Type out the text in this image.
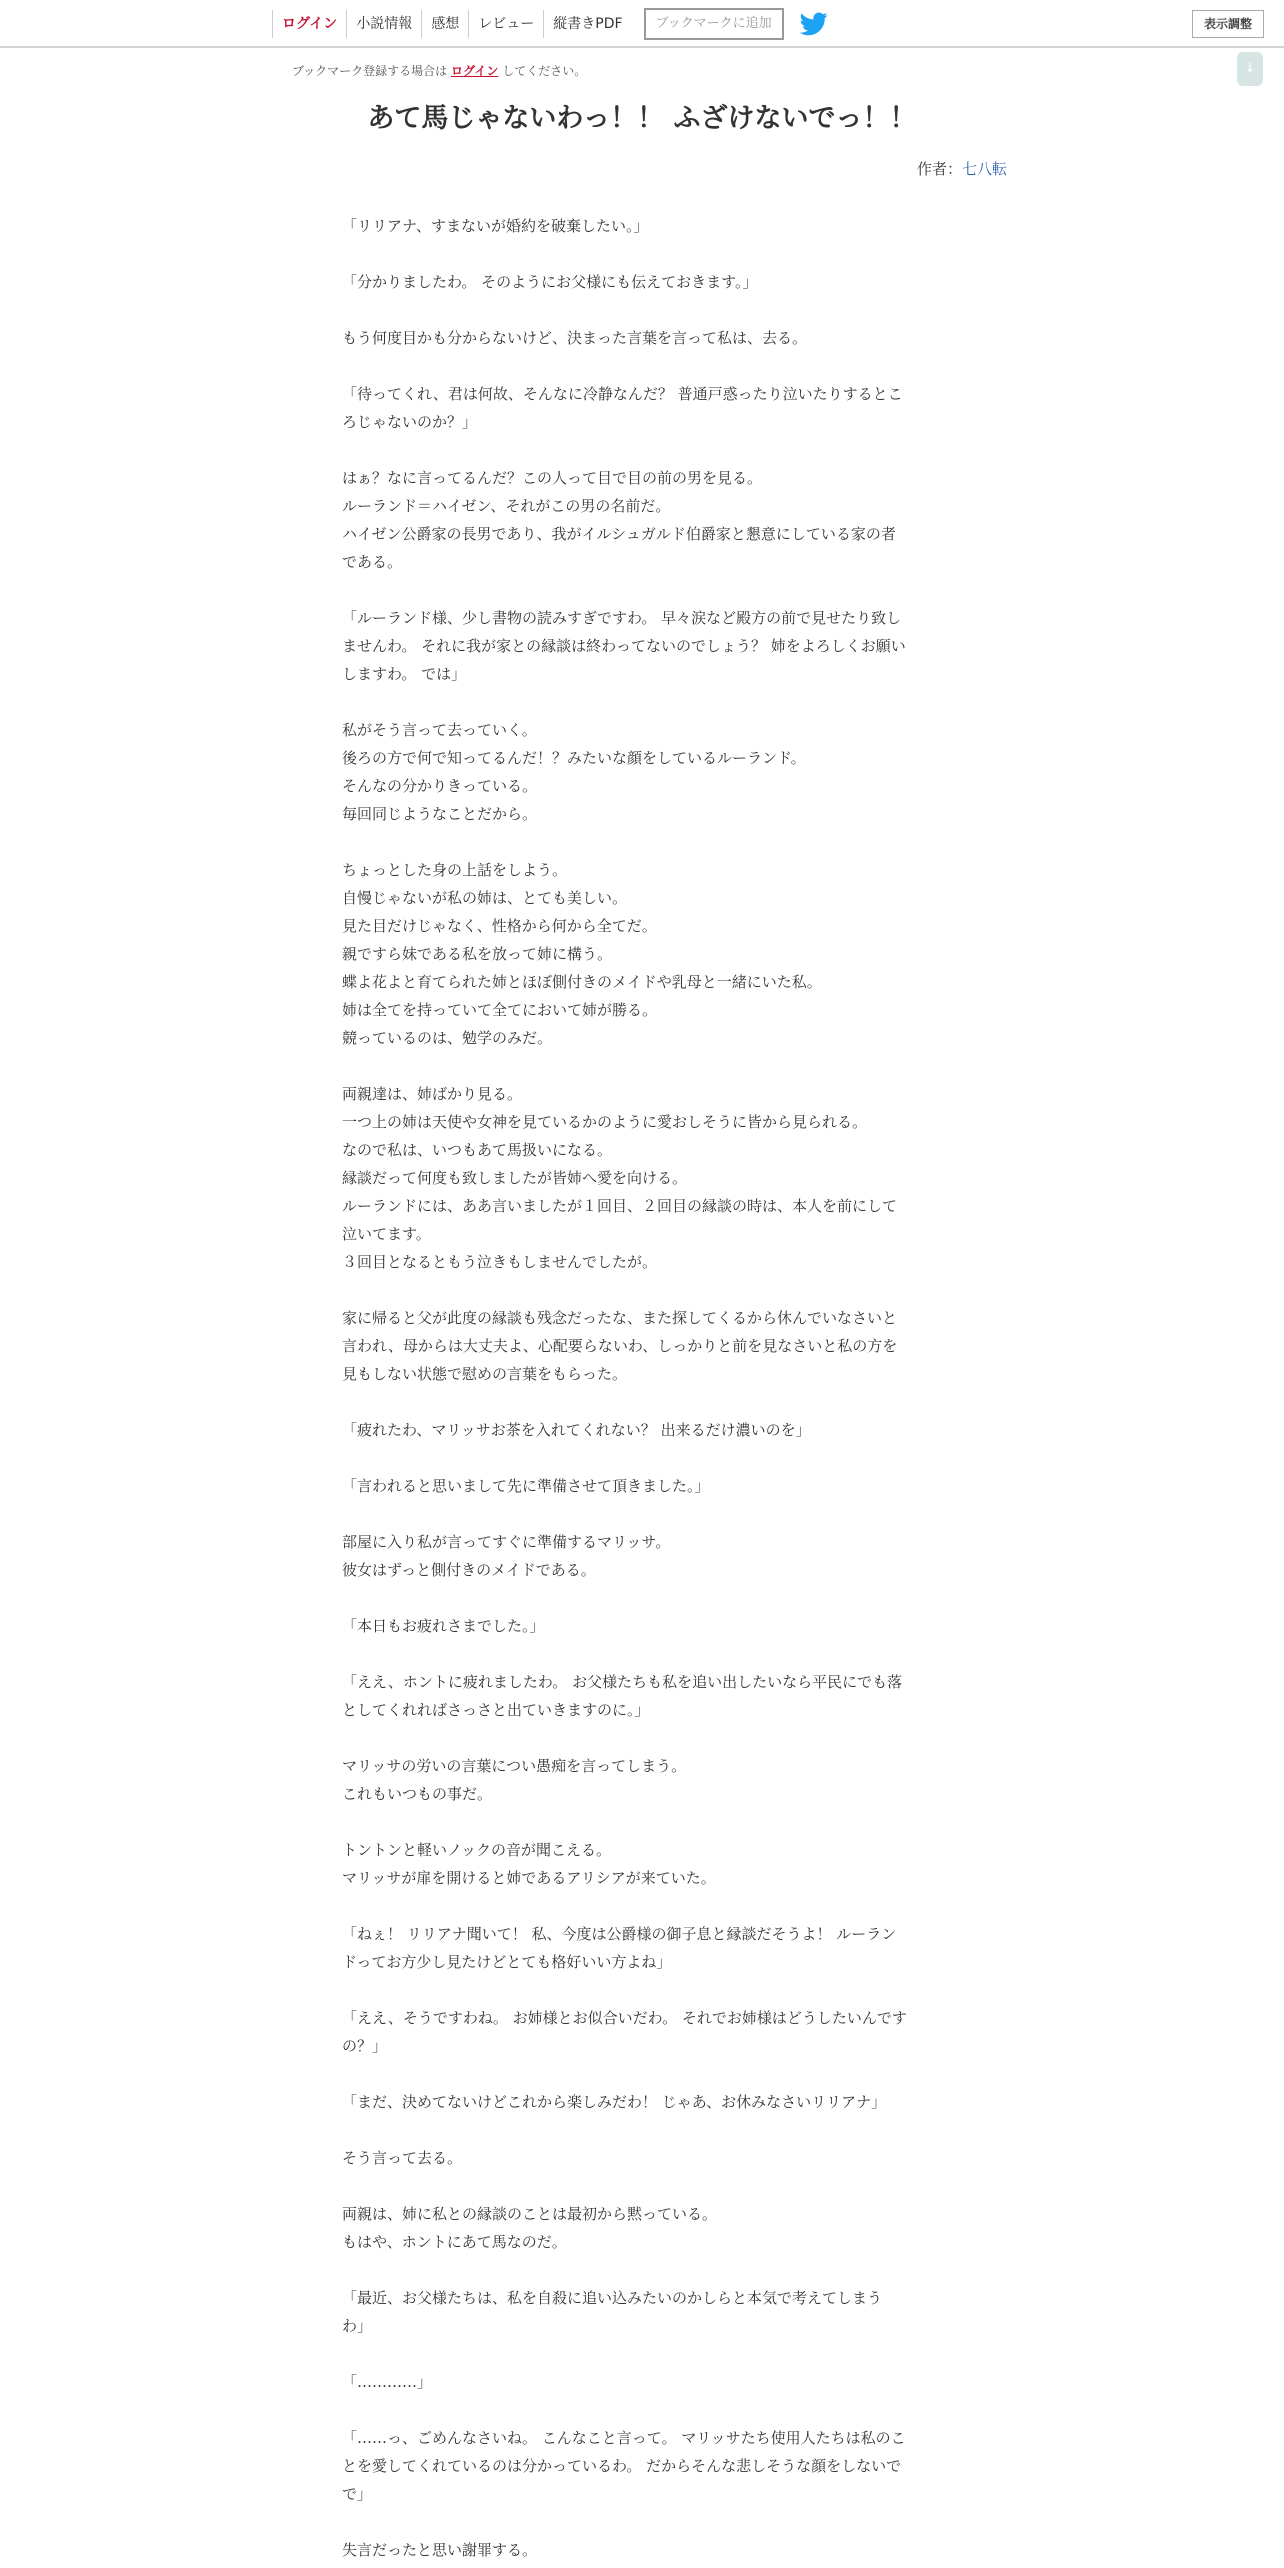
ログイン	小説情報	感想	レビュー	縦書きPDF	ブックマークに追加	表示調整
↓
ブックマーク登録する場合は ログイン してください。
あて馬じゃないわっ！！ ふざけないでっ！！
作者：七八転
「リリアナ、すまないが婚約を破棄したい。」
「分かりましたわ。 そのようにお父様にも伝えておきます。」
もう何度目かも分からないけど、決まった言葉を言って私は、去る。
「待ってくれ、君は何故、そんなに冷静なんだ？ 普通戸惑ったり泣いたりするとこ
ろじゃないのか？」
はぁ？なに言ってるんだ？この人って目で目の前の男を見る。
ルーランド＝ハイゼン、それがこの男の名前だ。
ハイゼン公爵家の長男であり、我がイルシュガルド伯爵家と懇意にしている家の者
である。
「ルーランド様、少し書物の読みすぎですわ。 早々涙など殿方の前で見せたり致し
ませんわ。 それに我が家との縁談は終わってないのでしょう？ 姉をよろしくお願い
しますわ。 では」
私がそう言って去っていく。
後ろの方で何で知ってるんだ！？みたいな顔をしているルーランド。
そんなの分かりきっている。
毎回同じようなことだから。
ちょっとした身の上話をしよう。
自慢じゃないが私の姉は、とても美しい。
見た目だけじゃなく、性格から何から全てだ。
親ですら妹である私を放って姉に構う。
蝶よ花よと育てられた姉とほぼ側付きのメイドや乳母と一緒にいた私。
姉は全てを持っていて全てにおいて姉が勝る。
競っているのは、勉学のみだ。
両親達は、姉ばかり見る。
一つ上の姉は天使や女神を見ているかのように愛おしそうに皆から見られる。
なので私は、いつもあて馬扱いになる。
縁談だって何度も致しましたが皆姉へ愛を向ける。
ルーランドには、ああ言いましたが１回目、２回目の縁談の時は、本人を前にして
泣いてます。
３回目となるともう泣きもしませんでしたが。
家に帰ると父が此度の縁談も残念だったな、また探してくるから休んでいなさいと
言われ、母からは大丈夫よ、心配要らないわ、しっかりと前を見なさいと私の方を
見もしない状態で慰めの言葉をもらった。
「疲れたわ、マリッサお茶を入れてくれない？ 出来るだけ濃いのを」
「言われると思いまして先に準備させて頂きました。」
部屋に入り私が言ってすぐに準備するマリッサ。
彼女はずっと側付きのメイドである。
「本日もお疲れさまでした。」
「ええ、ホントに疲れましたわ。 お父様たちも私を追い出したいなら平民にでも落
としてくれればさっさと出ていきますのに。」
マリッサの労いの言葉につい愚痴を言ってしまう。
これもいつもの事だ。
トントンと軽いノックの音が聞こえる。
マリッサが扉を開けると姉であるアリシアが来ていた。
「ねぇ！ リリアナ聞いて！ 私、今度は公爵様の御子息と縁談だそうよ！ ルーラン
ドってお方少し見たけどとても格好いい方よね」
「ええ、そうですわね。 お姉様とお似合いだわ。 それでお姉様はどうしたいんです
の？」
「まだ、決めてないけどこれから楽しみだわ！ じゃあ、お休みなさいリリアナ」
そう言って去る。
両親は、姉に私との縁談のことは最初から黙っている。
もはや、ホントにあて馬なのだ。
「最近、お父様たちは、私を自殺に追い込みたいのかしらと本気で考えてしまう
わ」
「…………」
「……っ、ごめんなさいね。 こんなこと言って。 マリッサたち使用人たちは私のこ
とを愛してくれているのは分かっているわ。 だからそんな悲しそうな顔をしないで
で」
失言だったと思い謝罪する。
